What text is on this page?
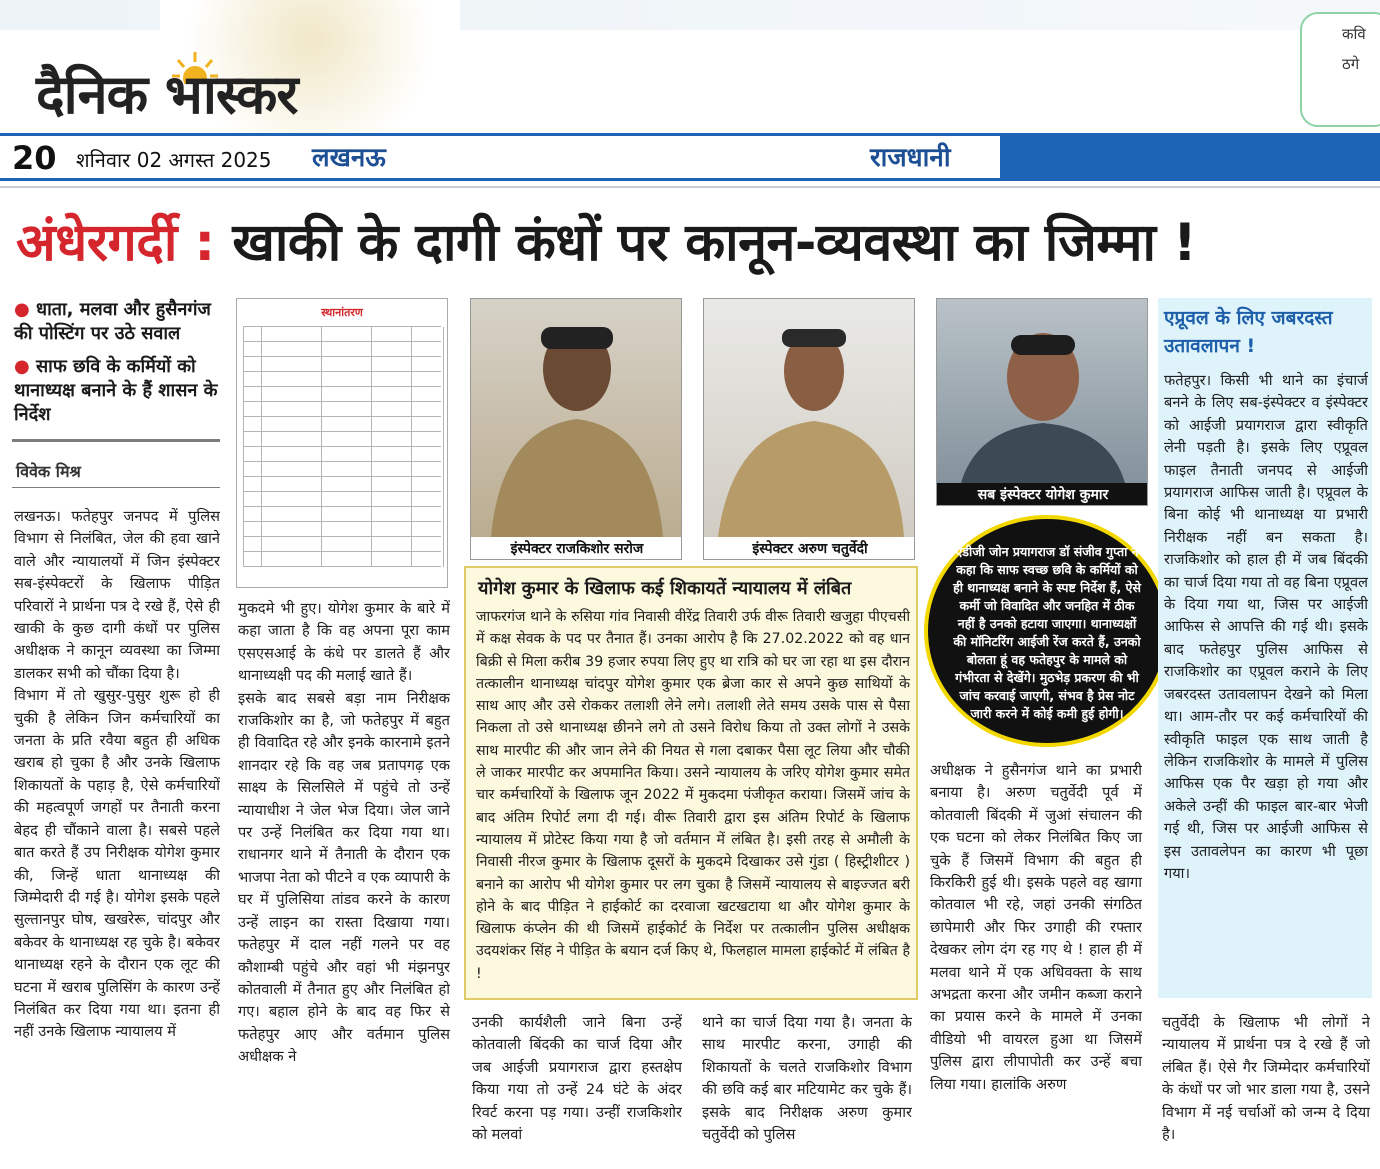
दैनिक भास्कर
कवि
ठगे
20 शनिवार 02 अगस्त 2025 लखनऊ	राजधानी
अंधेरगर्दी : खाकी के दागी कंधों पर कानून-व्यवस्था का जिम्मा !
● धाता, मलवा और हुसैनगंज की पोस्टिंग पर उठे सवाल
● साफ छवि के कर्मियों को थानाध्यक्ष बनाने के हैं शासन के निर्देश
विवेक मिश्र
लखनऊ। फतेहपुर जनपद में पुलिस विभाग से निलंबित, जेल की हवा खाने वाले और न्यायालयों में जिन इंस्पेक्टर सब-इंस्पेक्टरों के खिलाफ पीड़ित परिवारों ने प्रार्थना पत्र दे रखे हैं, ऐसे ही खाकी के कुछ दागी कंधों पर पुलिस अधीक्षक ने कानून व्यवस्था का जिम्मा डालकर सभी को चौंका दिया है।
विभाग में तो खुसुर-पुसुर शुरू हो ही चुकी है लेकिन जिन कर्मचारियों का जनता के प्रति रवैया बहुत ही अधिक खराब हो चुका है और उनके खिलाफ शिकायतों के पहाड़ है, ऐसे कर्मचारियों की महत्वपूर्ण जगहों पर तैनाती करना बेहद ही चौंकाने वाला है। सबसे पहले बात करते हैं उप निरीक्षक योगेश कुमार की, जिन्हें धाता थानाध्यक्ष की जिम्मेदारी दी गई है। योगेश इसके पहले सुल्तानपुर घोष, खखरेरू, चांदपुर और बकेवर के थानाध्यक्ष रह चुके है। बकेवर थानाध्यक्ष रहने के दौरान एक लूट की घटना में खराब पुलिसिंग के कारण उन्हें निलंबित कर दिया गया था। इतना ही नहीं उनके खिलाफ न्यायालय में
स्थानांतरण
मुकदमे भी हुए। योगेश कुमार के बारे में कहा जाता है कि वह अपना पूरा काम एसएसआई के कंधे पर डालते हैं और थानाध्यक्षी पद की मलाई खाते हैं।
इसके बाद सबसे बड़ा नाम निरीक्षक राजकिशोर का है, जो फतेहपुर में बहुत ही विवादित रहे और इनके कारनामे इतने शानदार रहे कि वह जब प्रतापगढ़ एक साक्ष्य के सिलसिले में पहुंचे तो उन्हें न्यायाधीश ने जेल भेज दिया। जेल जाने पर उन्हें निलंबित कर दिया गया था। राधानगर थाने में तैनाती के दौरान एक भाजपा नेता को पीटने व एक व्यापारी के घर में पुलिसिया तांडव करने के कारण उन्हें लाइन का रास्ता दिखाया गया। फतेहपुर में दाल नहीं गलने पर वह कौशाम्बी पहुंचे और वहां भी मंझनपुर कोतवाली में तैनात हुए और निलंबित हो गए। बहाल होने के बाद वह फिर से फतेहपुर आए और वर्तमान पुलिस अधीक्षक ने
इंस्पेक्टर राजकिशोर सरोज	इंस्पेक्टर अरुण चतुर्वेदी
सब इंस्पेक्टर योगेश कुमार
एडीजी जोन प्रयागराज डॉ संजीव गुप्ता ने कहा कि साफ स्वच्छ छवि के कर्मियों को ही थानाध्यक्ष बनाने के स्पष्ट निर्देश हैं, ऐसे कर्मी जो विवादित और जनहित में ठीक नहीं है उनको हटाया जाएगा। थानाध्यक्षों की मॉनिटरिंग आईजी रेंज करते हैं, उनको बोलता हूं वह फतेहपुर के मामले को गंभीरता से देखेंगे। मुठभेड़ प्रकरण की भी जांच करवाई जाएगी, संभव है प्रेस नोट जारी करने में कोई कमी हुई होगी।
योगेश कुमार के खिलाफ कई शिकायतें न्यायालय में लंबित
जाफरगंज थाने के रुसिया गांव निवासी वीरेंद्र तिवारी उर्फ वीरू तिवारी खजुहा पीएचसी में कक्ष सेवक के पद पर तैनात हैं। उनका आरोप है कि 27.02.2022 को वह धान बिक्री से मिला करीब 39 हजार रुपया लिए हुए था रात्रि को घर जा रहा था इस दौरान तत्कालीन थानाध्यक्ष चांदपुर योगेश कुमार एक ब्रेजा कार से अपने कुछ साथियों के साथ आए और उसे रोककर तलाशी लेने लगे। तलाशी लेते समय उसके पास से पैसा निकला तो उसे थानाध्यक्ष छीनने लगे तो उसने विरोध किया तो उक्त लोगों ने उसके साथ मारपीट की और जान लेने की नियत से गला दबाकर पैसा लूट लिया और चौकी ले जाकर मारपीट कर अपमानित किया। उसने न्यायालय के जरिए योगेश कुमार समेत चार कर्मचारियों के खिलाफ जून 2022 में मुकदमा पंजीकृत कराया। जिसमें जांच के बाद अंतिम रिपोर्ट लगा दी गई। वीरू तिवारी द्वारा इस अंतिम रिपोर्ट के खिलाफ न्यायालय में प्रोटेस्ट किया गया है जो वर्तमान में लंबित है। इसी तरह से अमौली के निवासी नीरज कुमार के खिलाफ दूसरों के मुकदमे दिखाकर उसे गुंडा ( हिस्ट्रीशीटर ) बनाने का आरोप भी योगेश कुमार पर लग चुका है जिसमें न्यायालय से बाइज्जत बरी होने के बाद पीड़ित ने हाईकोर्ट का दरवाजा खटखटाया था और योगेश कुमार के खिलाफ कंप्लेन की थी जिसमें हाईकोर्ट के निर्देश पर तत्कालीन पुलिस अधीक्षक उदयशंकर सिंह ने पीड़ित के बयान दर्ज किए थे, फिलहाल मामला हाईकोर्ट में लंबित है !
उनकी कार्यशैली जाने बिना उन्हें कोतवाली बिंदकी का चार्ज दिया और जब आईजी प्रयागराज द्वारा हस्तक्षेप किया गया तो उन्हें 24 घंटे के अंदर रिवर्ट करना पड़ गया। उन्हीं राजकिशोर को मलवां
थाने का चार्ज दिया गया है। जनता के साथ मारपीट करना, उगाही की शिकायतों के चलते राजकिशोर विभाग की छवि कई बार मटियामेट कर चुके हैं। इसके बाद निरीक्षक अरुण कुमार चतुर्वेदी को पुलिस
अधीक्षक ने हुसैनगंज थाने का प्रभारी बनाया है। अरुण चतुर्वेदी पूर्व में कोतवाली बिंदकी में जुआं संचालन की एक घटना को लेकर निलंबित किए जा चुके हैं जिसमें विभाग की बहुत ही किरकिरी हुई थी। इसके पहले वह खागा कोतवाल भी रहे, जहां उनकी संगठित छापेमारी और फिर उगाही की रफ्तार देखकर लोग दंग रह गए थे ! हाल ही में मलवा थाने में एक अधिवक्ता के साथ अभद्रता करना और जमीन कब्जा कराने का प्रयास करने के मामले में उनका वीडियो भी वायरल हुआ था जिसमें पुलिस द्वारा लीपापोती कर उन्हें बचा लिया गया। हालांकि अरुण
एप्रूवल के लिए जबरदस्त उतावलापन !
फतेहपुर। किसी भी थाने का इंचार्ज बनने के लिए सब-इंस्पेक्टर व इंस्पेक्टर को आईजी प्रयागराज द्वारा स्वीकृति लेनी पड़ती है। इसके लिए एप्रूवल फाइल तैनाती जनपद से आईजी प्रयागराज आफिस जाती है। एप्रूवल के बिना कोई भी थानाध्यक्ष या प्रभारी निरीक्षक नहीं बन सकता है। राजकिशोर को हाल ही में जब बिंदकी का चार्ज दिया गया तो वह बिना एप्रूवल के दिया गया था, जिस पर आईजी आफिस से आपत्ति की गई थी। इसके बाद फतेहपुर पुलिस आफिस से राजकिशोर का एप्रूवल कराने के लिए जबरदस्त उतावलापन देखने को मिला था। आम-तौर पर कई कर्मचारियों की स्वीकृति फाइल एक साथ जाती है लेकिन राजकिशोर के मामले में पुलिस आफिस एक पैर खड़ा हो गया और अकेले उन्हीं की फाइल बार-बार भेजी गई थी, जिस पर आईजी आफिस से इस उतावलेपन का कारण भी पूछा गया।
चतुर्वेदी के खिलाफ भी लोगों ने न्यायालय में प्रार्थना पत्र दे रखे हैं जो लंबित हैं। ऐसे गैर जिम्मेदार कर्मचारियों के कंधों पर जो भार डाला गया है, उसने विभाग में नई चर्चाओं को जन्म दे दिया है।
